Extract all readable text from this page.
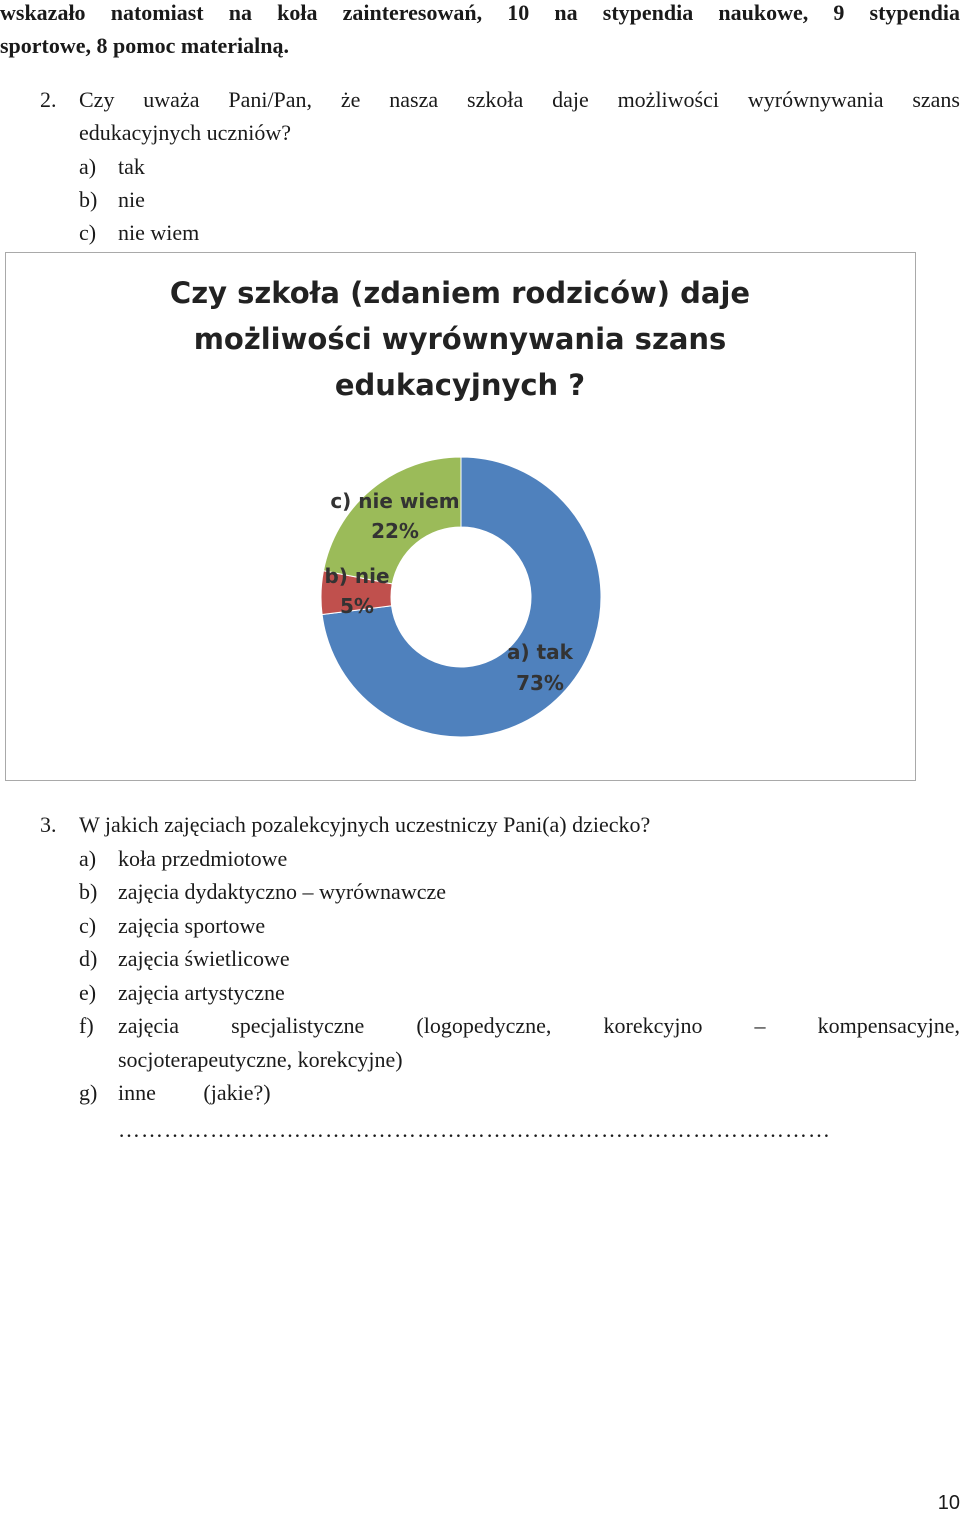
wskazało natomiast na koła zainteresowań, 10 na stypendia naukowe, 9 stypendia
sportowe, 8 pomoc materialną.
2. Czy uważa Pani/Pan, że nasza szkoła daje możliwości wyrównywania szans
edukacyjnych uczniów?
a) tak
b) nie
c) nie wiem
Czy szkoła (zdaniem rodziców) daje
możliwości wyrównywania szans
edukacyjnych ?
a) tak
73%
b) nie
5%
c) nie wiem
22%
3. W jakich zajęciach pozalekcyjnych uczestniczy Pani(a) dziecko?
a) koła przedmiotowe
b) zajęcia dydaktyczno – wyrównawcze
c) zajęcia sportowe
d) zajęcia świetlicowe
e) zajęcia artystyczne
f) zajęcia specjalistyczne (logopedyczne, korekcyjno – kompensacyjne,
socjoterapeutyczne, korekcyjne)
g) inne (jakie?)
…………………………………………………………………………………
10
